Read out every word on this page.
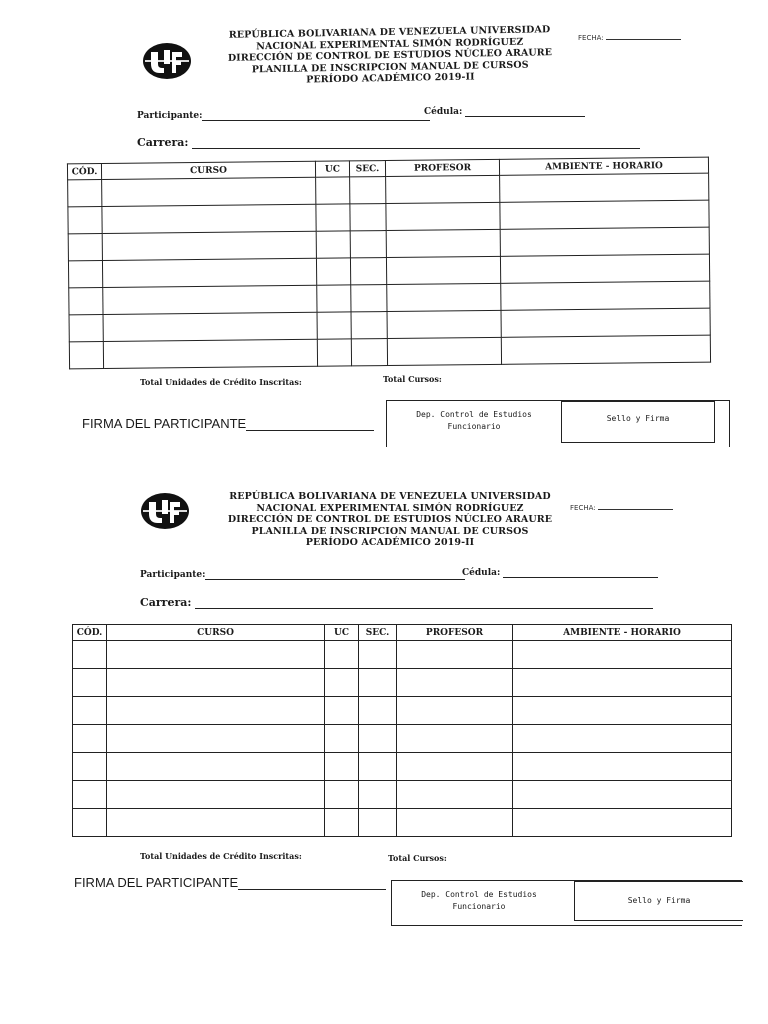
REPÚBLICA BOLIVARIANA DE VENEZUELA UNIVERSIDAD
NACIONAL EXPERIMENTAL SIMÓN RODRÍGUEZ
DIRECCIÓN DE CONTROL DE ESTUDIOS NÚCLEO ARAURE
PLANILLA DE INSCRIPCION MANUAL DE CURSOS
PERÍODO ACADÉMICO 2019-II
FECHA:
Participante:	Cédula:
Carrera:
CÓD.	CURSO	UC	SEC.	PROFESOR	AMBIENTE - HORARIO

Total Unidades de Crédito Inscritas:	Total Cursos:
FIRMA DEL PARTICIPANTE
Dep. Control de Estudios
Funcionario
Sello y Firma
REPÚBLICA BOLIVARIANA DE VENEZUELA UNIVERSIDAD
NACIONAL EXPERIMENTAL SIMÓN RODRÍGUEZ
DIRECCIÓN DE CONTROL DE ESTUDIOS NÚCLEO ARAURE
PLANILLA DE INSCRIPCION MANUAL DE CURSOS
PERÍODO ACADÉMICO 2019-II
FECHA:
Participante:	Cédula:
Carrera:
CÓD.	CURSO	UC	SEC.	PROFESOR	AMBIENTE - HORARIO

Total Unidades de Crédito Inscritas:	Total Cursos:
FIRMA DEL PARTICIPANTE
Dep. Control de Estudios
Funcionario
Sello y Firma
